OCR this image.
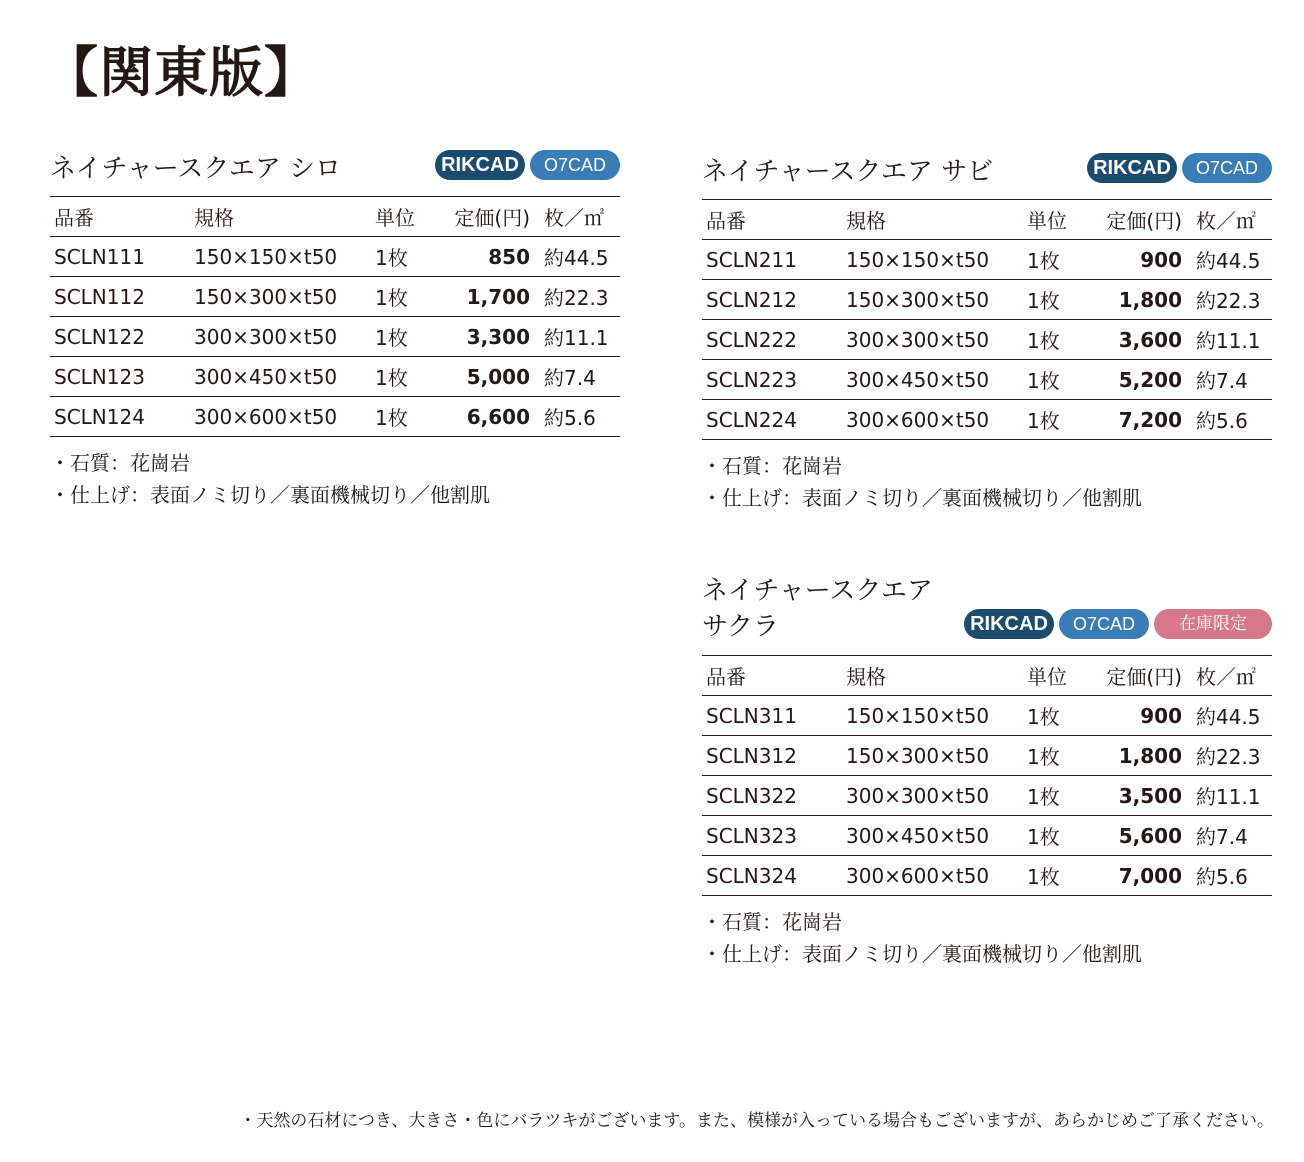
【関東版】
ネイチャースクエア シロ	RIKCAD	O7CAD
品番	規格	単位	定価(円)	枚／㎡
SCLN111	150×150×t50	1枚	850	約44.5
SCLN112	150×300×t50	1枚	1,700	約22.3
SCLN122	300×300×t50	1枚	3,300	約11.1
SCLN123	300×450×t50	1枚	5,000	約7.4
SCLN124	300×600×t50	1枚	6,600	約5.6
・石質：花崗岩
・仕上げ：表面ノミ切り／裏面機械切り／他割肌
ネイチャースクエア サビ	RIKCAD	O7CAD
品番	規格	単位	定価(円)	枚／㎡
SCLN211	150×150×t50	1枚	900	約44.5
SCLN212	150×300×t50	1枚	1,800	約22.3
SCLN222	300×300×t50	1枚	3,600	約11.1
SCLN223	300×450×t50	1枚	5,200	約7.4
SCLN224	300×600×t50	1枚	7,200	約5.6
・石質：花崗岩
・仕上げ：表面ノミ切り／裏面機械切り／他割肌
ネイチャースクエア
サクラ	RIKCAD	O7CAD	在庫限定
品番	規格	単位	定価(円)	枚／㎡
SCLN311	150×150×t50	1枚	900	約44.5
SCLN312	150×300×t50	1枚	1,800	約22.3
SCLN322	300×300×t50	1枚	3,500	約11.1
SCLN323	300×450×t50	1枚	5,600	約7.4
SCLN324	300×600×t50	1枚	7,000	約5.6
・石質：花崗岩
・仕上げ：表面ノミ切り／裏面機械切り／他割肌
・天然の石材につき、大きさ・色にバラツキがございます。また、模様が入っている場合もございますが、あらかじめご了承ください。
